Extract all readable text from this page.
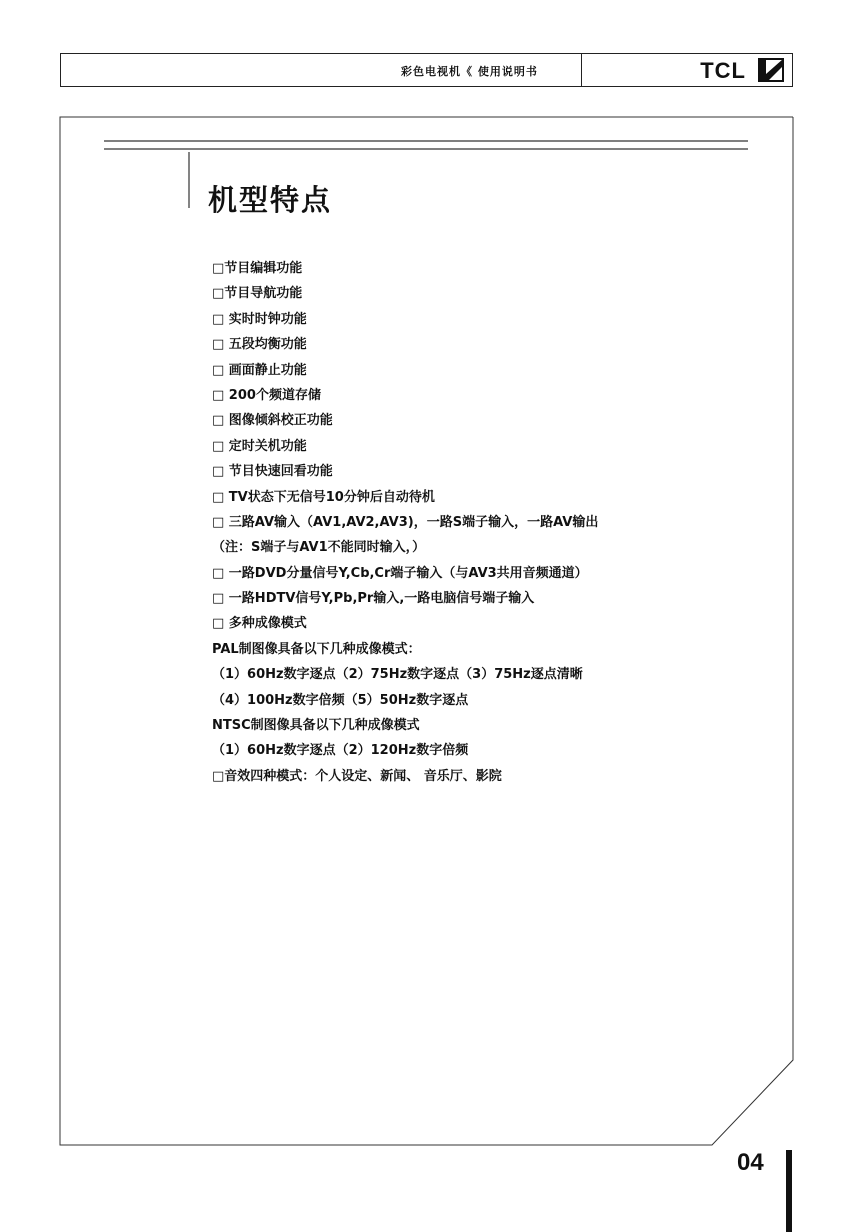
彩色电视机《 使用说明书	TCL
机型特点
□节目编辑功能
□节目导航功能
□ 实时时钟功能
□ 五段均衡功能
□ 画面静止功能
□ 200个频道存储
□ 图像倾斜校正功能
□ 定时关机功能
□ 节目快速回看功能
□ TV状态下无信号10分钟后自动待机
□ 三路AV输入（AV1,AV2,AV3)，一路S端子输入，一路AV输出
（注：S端子与AV1不能同时输入，）
□ 一路DVD分量信号Y,Cb,Cr端子输入（与AV3共用音频通道）
□ 一路HDTV信号Y,Pb,Pr输入,一路电脑信号端子输入
□ 多种成像模式
PAL制图像具备以下几种成像模式：
（1）60Hz数字逐点（2）75Hz数字逐点（3）75Hz逐点清晰
（4）100Hz数字倍频（5）50Hz数字逐点
NTSC制图像具备以下几种成像模式
（1）60Hz数字逐点（2）120Hz数字倍频
□音效四种模式：个人设定、新闻、 音乐厅、影院
04
